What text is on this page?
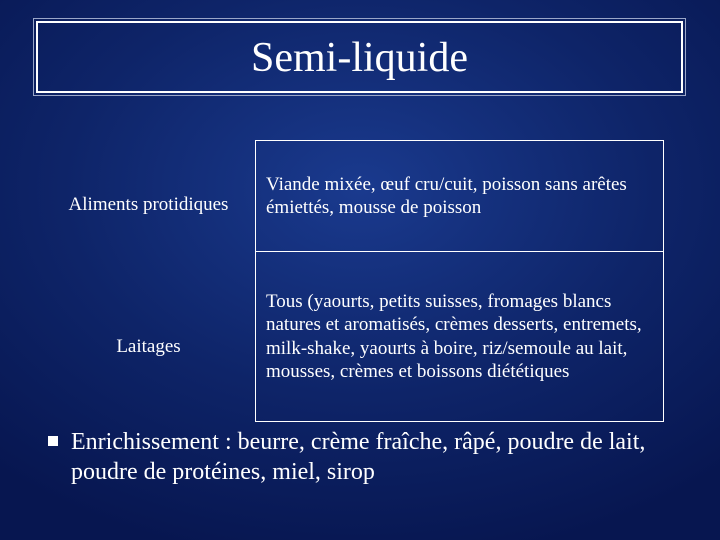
Semi-liquide
Aliments protidiques	Viande mixée, œuf cru/cuit, poisson sans arêtes émiettés, mousse de poisson
Laitages	Tous (yaourts, petits suisses, fromages blancs natures et aromatisés, crèmes desserts, entremets, milk-shake, yaourts à boire, riz/semoule au lait, mousses, crèmes et boissons diététiques
Enrichissement : beurre, crème fraîche, râpé, poudre de lait, poudre de protéines, miel, sirop
